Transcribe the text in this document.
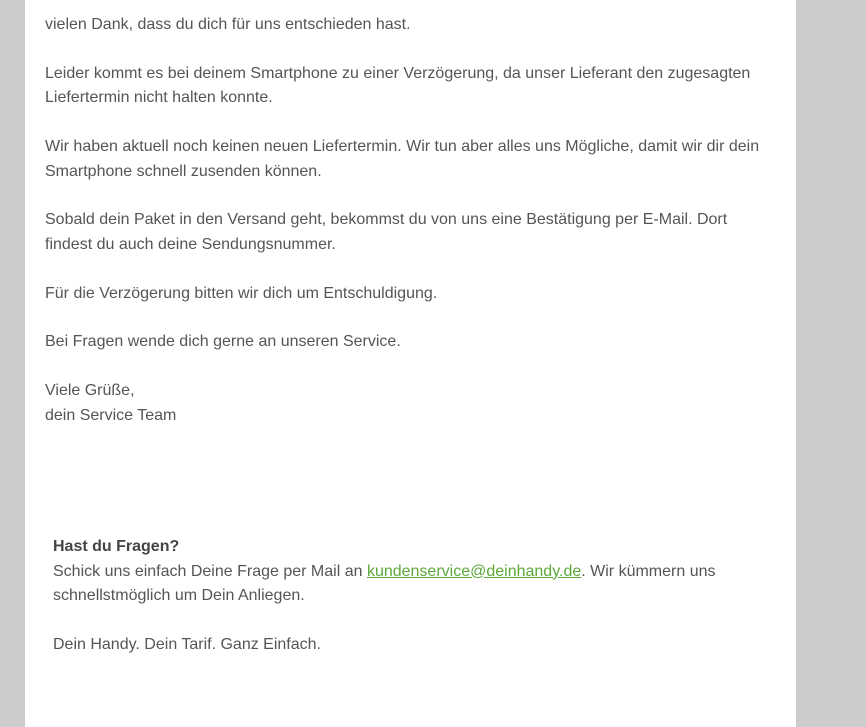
vielen Dank, dass du dich für uns entschieden hast.

Leider kommt es bei deinem Smartphone zu einer Verzögerung, da unser Lieferant den zugesagten Liefertermin nicht halten konnte.

Wir haben aktuell noch keinen neuen Liefertermin. Wir tun aber alles uns Mögliche, damit wir dir dein Smartphone schnell zusenden können.

Sobald dein Paket in den Versand geht, bekommst du von uns eine Bestätigung per E-Mail. Dort findest du auch deine Sendungsnummer.

Für die Verzögerung bitten wir dich um Entschuldigung.

Bei Fragen wende dich gerne an unseren Service.

Viele Grüße,
dein Service Team

Hast du Fragen?

Schick uns einfach Deine Frage per Mail an kundenservice@deinhandy.de. Wir kümmern uns schnellstmöglich um Dein Anliegen.

Dein Handy. Dein Tarif. Ganz Einfach.
